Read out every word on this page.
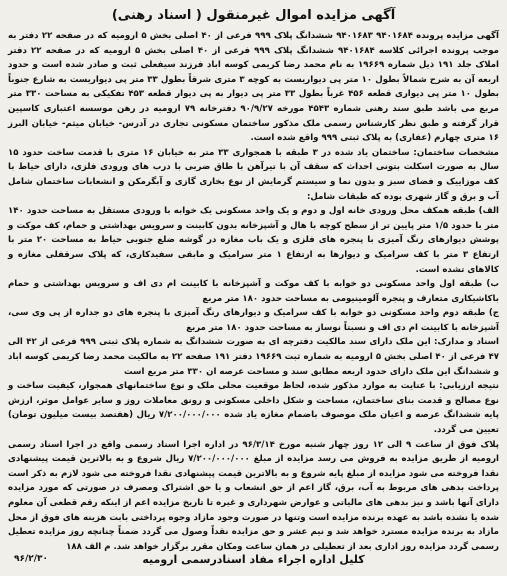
آگهی مزایده اموال غیرمنقول ( اسناد رهنی)

آگهی مزایده پرونده ۹۴۰۱۶۸۴ ۹۴۰۱۶۸۳ ششدانگ پلاک ۹۹۹ فرعی از ۴۰ اصلی بخش ۵ ارومیه که در صفحه ۲۲ دفتر به موجب پرونده اجرائی کلاسه ۹۴۰۱۶۸۴ ششدانگ پلاک ۹۹۹ فرعی از ۴۰ اصلی بخش ۵ ارومیه که در صفحه ۲۲ دفتر املاک جلد ۱۹۱ ذیل شماره ۱۹۶۶۹ به نام محمد رضا کریمی کوسه اباد فرزند سیفعلی ثبت و صادر شده است و حدود اربعه آن به شرح شمالاً بطول ۱۰ متر پی دیواریست به کوچه ۳ متری شرقاً بطول ۳۳ متر پی دیواریست به شارع جنوباً بطول ۱۰ متر پی دیواری قطعه ۴۵۶ غرباً بطول ۳۳ متر پی دیوار به پی دیوار قطعه ۴۵۳ تفکیکی به مساحت ۳۳۰ متر مربع می باشد طبق سند رهنی شماره ۴۵۴۳ مورخه ۹۰/۹/۲۷ دفترخانه ۷۹ ارومیه در رهن موسسه اعتباری کاسپین قرار گرفته و طبق نظر کارشناس رسمی ملک مذکور ساختمان مسکونی تجاری در آدرس- خیابان میثم- خیابان البرز ۱۶ متری چهارم (عفاری) به پلاک ثبتی ۹۹۹ واقع شده است.

مشخصات ساختمان: ساختمان یاد شده در ۳ طبقه با همجواری ۳۳ متر به خیابان ۱۶ متری با قدمت ساخت حدود ۱۵ سال به صورت اسکلت بتونی احداث که سقف آن با تیرآهن با طاق ضربی با درب های ورودی فلزی، دارای حیاط با کف موزاییک و فضای سبز و بدون نما و سیستم گرمایش از نوع بخاری گازی و آبگرمکن و انشعابات ساختمان شامل آب و برق و گاز شهری بوده که طبقات شامل:

الف) طبقه همکف محل ورودی خانه اول و دوم و یک واحد مسکونی یک خوابه با ورودی مستقل به مساحت حدود ۱۴۰ متر با حدود ۱/۵ متر پایین تر از سطح کوچه با هال و آشپزخانه بدون کابینت و سرویس بهداشتی و حمام، کف موکت و پوشش دیوارهای رنگ آمیزی با پنجره های فلزی و یک باب مغازه در گوشه ضلع جنوبی حیاط به مساحت ۲۰ متر با ارتفاع ۳ متر با کف سرامیک و دیوارها به ارتفاع ۱ متر سرامیک و مابقی سفیدکاری، که پلاک سرقفلی مغازه و کالاهای تشده است.

ب) طبقه اول واحد مسکونی دو خوابه با کف موکت و آشپزخانه با کابینت ام دی اف و سرویس بهداشتی و حمام باکاشیکاری متعارف و پنجره آلومینیومی به مساحت حدود ۱۸۰ متر مربع

ج) طبقه دوم واحد مسکونی دو خوابه با کف سرامیک و دیوارهای رنگ آمیزی با پنجره های دو جداره از پی وی سی، آشپزخانه با کابینت ام دی اف و نسبتاً نوساز به مساحت حدود ۱۸۰ متر مربع

اسناد و مدارک: این ملک دارای سند مالکیت دفترچه ای به صورت ششدانگ به شماره پلاک ثبتی ۹۹۹ فرعی از ۴۲ الی ۴۷ فرعی از ۴۰ اصلی بخش ۵ ارومیه به شماره ثبت ۱۹۶۶۹ دفتر ۱۹۱ صفحه ۲۲ به مالکیت محمد رضا کریمی کوسه اباد و ششدانگ این ملک دارای حدود اربعه مطابق سند و مساحت عرصه ان ۳۳۰ متر مربع است

نتیجه ارزیابی: با عنایت به موارد مذکور شده، لحاظ موقعیت محلی ملک و نوع ساختمانهای همجوار، کیفیت ساخت و نوع مصالح و قدمت بنای ساختمان، مساحت و شکل داخلی مسکونی و رونق معاملات روز و سایر عوامل موثر، ارزش پایه ششدانگ عرصه و اعیان ملک موصوف باضمام مغازه یاد شده ۷/۲۰۰/۰۰۰/۰۰۰ ریال (هفتصد بیست میلیون تومان) تعیین می گردد.

پلاک فوق از ساعت ۹ الی ۱۲ روز چهار شنبه مورخ ۹۶/۳/۱۴ در اداره اجرا اسناد رسمی واقع در اجرا اسناد رسمی ارومیه از طریق مزایده به فروش می رسد مزایده از مبلغ ۷/۲۰۰/۰۰۰/۰۰۰ ریال شروع و به بالاترین قیمت پیشنهادی نقدا فروخته می شود مزایده از مبلغ پایه شروع و به بالاترین قیمت پیشنهادی نقدا فروخته می شود لازم به ذکر است پرداخت بدهی های مربوط به آب، برق، گاز اعم از حق انشعاب و یا حق اشتراک ومصرف در صورتی که مورد مزایده دارای آنها باشد و نیز بدهی های مالیاتی و عوارض شهرداری و غیره تا تاریخ مزایده اعم از اینکه رقم قطعی آن معلوم شده یا نشده باشد به عهده برنده مزایده است وتنها در صورت وجود مازاد وجوه پرداختی بابت هزینه های فوق از محل مازاد به برنده مزایده مسترد خواهد شد و نیم عشر و حق مزایده نقداً وصول می گردد ضمناً چنانچه روز مزایده تعطیل رسمی گردد مزایده روز اداری بعد از تعطیلی در همان ساعت ومکان مقرر برگزار خواهد شد. م الف ۱۸۸

کلیل اداره اجراء مفاد اسنادرسمی ارومیه
۹۶/۲/۳۰
